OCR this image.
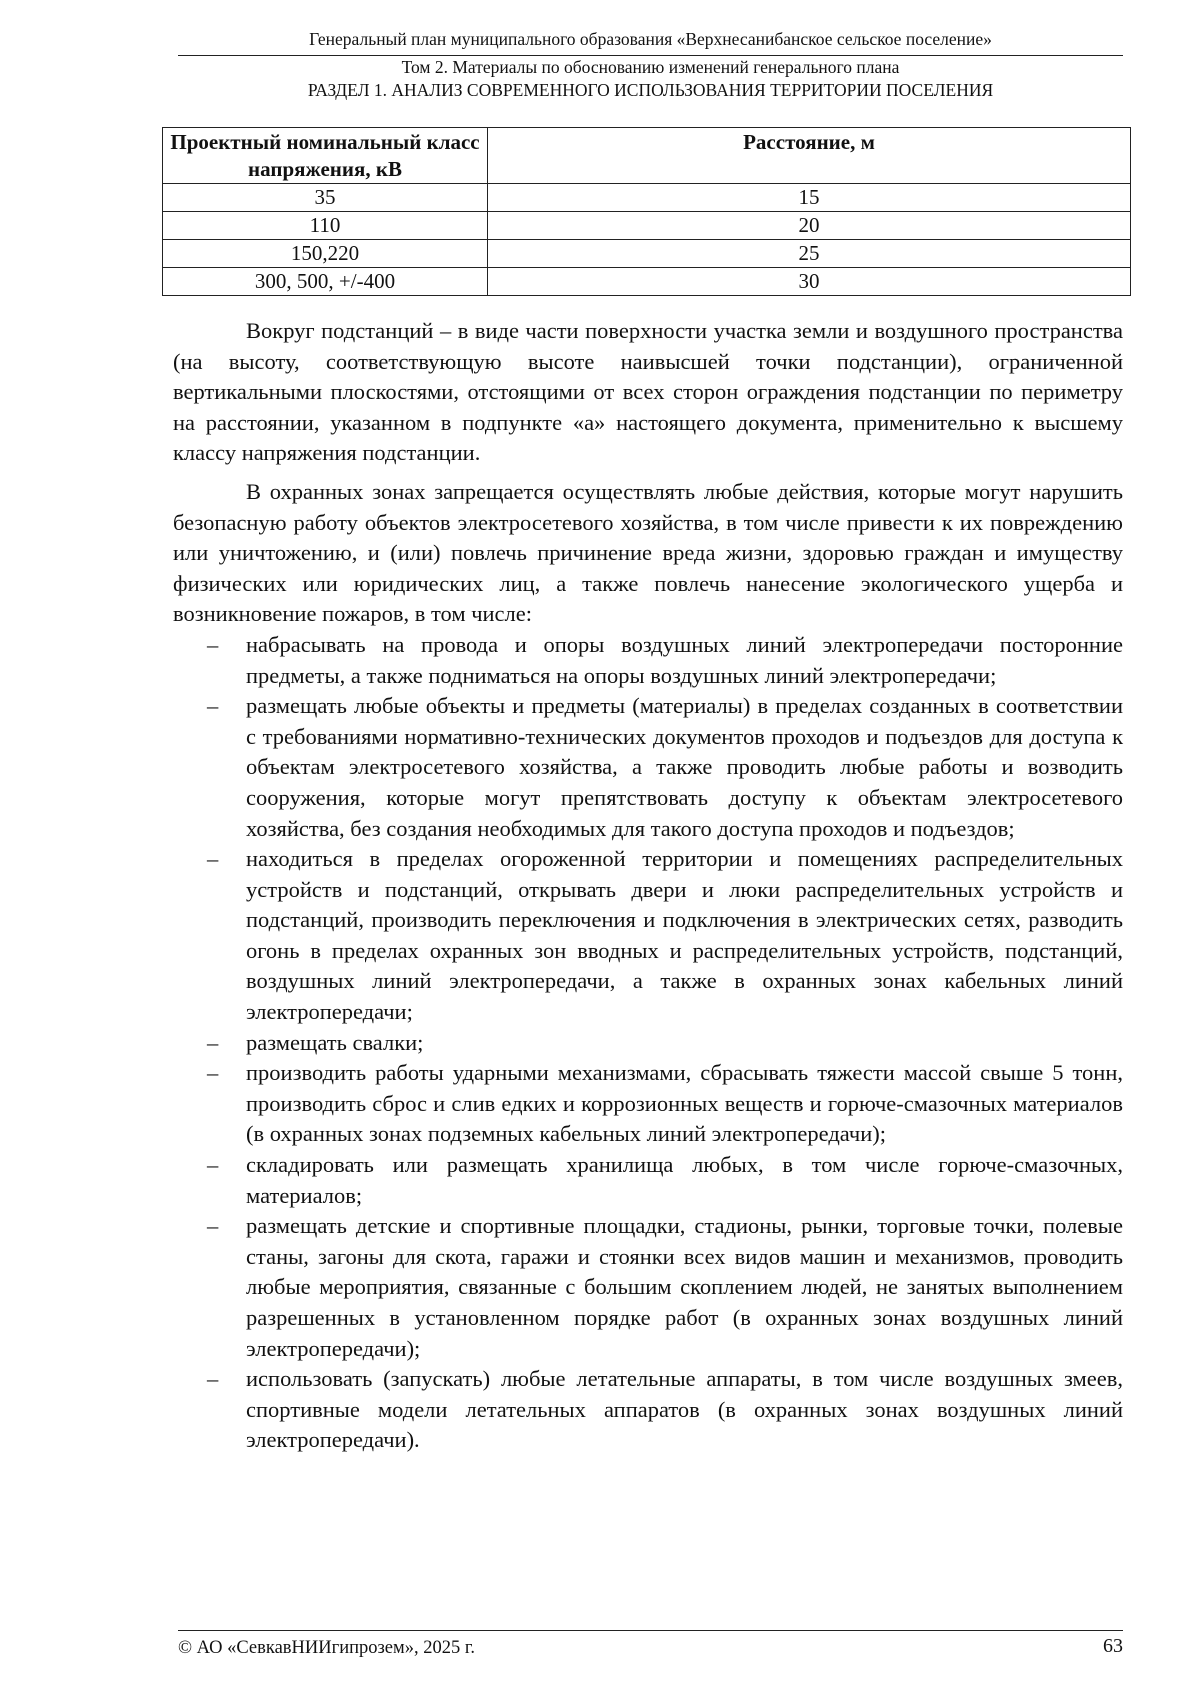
Генеральный план муниципального образования «Верхнесанибанское сельское поселение»
Том 2. Материалы по обоснованию изменений генерального плана
РАЗДЕЛ 1. АНАЛИЗ СОВРЕМЕННОГО ИСПОЛЬЗОВАНИЯ ТЕРРИТОРИИ ПОСЕЛЕНИЯ
Проектный номинальный класс напряжения, кВ	Расстояние, м
35	15
110	20
150,220	25
300, 500, +/-400	30

Вокруг подстанций – в виде части поверхности участка земли и воздушного пространства (на высоту, соответствующую высоте наивысшей точки подстанции), ограниченной вертикальными плоскостями, отстоящими от всех сторон ограждения подстанции по периметру на расстоянии, указанном в подпункте «а» настоящего документа, применительно к высшему классу напряжения подстанции.

В охранных зонах запрещается осуществлять любые действия, которые могут нарушить безопасную работу объектов электросетевого хозяйства, в том числе привести к их повреждению или уничтожению, и (или) повлечь причинение вреда жизни, здоровью граждан и имуществу физических или юридических лиц, а также повлечь нанесение экологического ущерба и возникновение пожаров, в том числе:

– набрасывать на провода и опоры воздушных линий электропередачи посторонние предметы, а также подниматься на опоры воздушных линий электропередачи;
– размещать любые объекты и предметы (материалы) в пределах созданных в соответствии с требованиями нормативно-технических документов проходов и подъездов для доступа к объектам электросетевого хозяйства, а также проводить любые работы и возводить сооружения, которые могут препятствовать доступу к объектам электросетевого хозяйства, без создания необходимых для такого доступа проходов и подъездов;
– находиться в пределах огороженной территории и помещениях распределительных устройств и подстанций, открывать двери и люки распределительных устройств и подстанций, производить переключения и подключения в электрических сетях, разводить огонь в пределах охранных зон вводных и распределительных устройств, подстанций, воздушных линий электропередачи, а также в охранных зонах кабельных линий электропередачи;
– размещать свалки;
– производить работы ударными механизмами, сбрасывать тяжести массой свыше 5 тонн, производить сброс и слив едких и коррозионных веществ и горюче-смазочных материалов (в охранных зонах подземных кабельных линий электропередачи);
– складировать или размещать хранилища любых, в том числе горюче-смазочных, материалов;
– размещать детские и спортивные площадки, стадионы, рынки, торговые точки, полевые станы, загоны для скота, гаражи и стоянки всех видов машин и механизмов, проводить любые мероприятия, связанные с большим скоплением людей, не занятых выполнением разрешенных в установленном порядке работ (в охранных зонах воздушных линий электропередачи);
– использовать (запускать) любые летательные аппараты, в том числе воздушных змеев, спортивные модели летательных аппаратов (в охранных зонах воздушных линий электропередачи).
© АО «СевкавНИИгипрозем», 2025 г.	63
